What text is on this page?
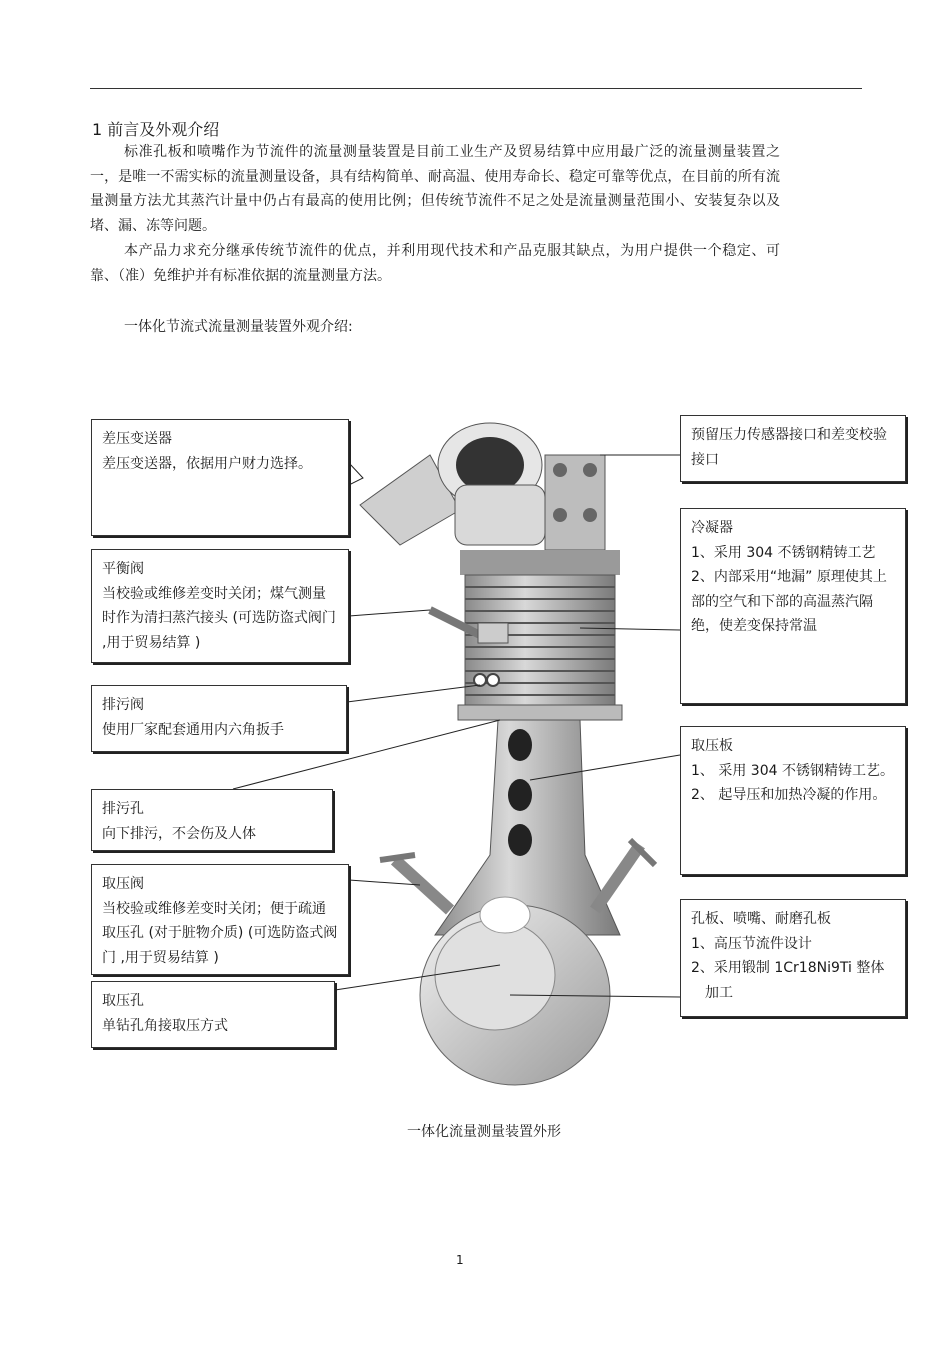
1 前言及外观介绍

标准孔板和喷嘴作为节流件的流量测量装置是目前工业生产及贸易结算中应用最广泛的流量测量装置之一，是唯一不需实标的流量测量设备，具有结构简单、耐高温、使用寿命长、稳定可靠等优点，在目前的所有流量测量方法尤其蒸汽计量中仍占有最高的使用比例；但传统节流件不足之处是流量测量范围小、安装复杂以及堵、漏、冻等问题。

本产品力求充分继承传统节流件的优点，并利用现代技术和产品克服其缺点，为用户提供一个稳定、可靠、（准）免维护并有标准依据的流量测量方法。

一体化节流式流量测量装置外观介绍:
差压变送器
差压变送器，依据用户财力选择。
平衡阀
当校验或维修差变时关闭；煤气测量时作为清扫蒸汽接头 (可选防盗式阀门 ,用于贸易结算 )
排污阀
使用厂家配套通用内六角扳手
排污孔
向下排污，不会伤及人体
取压阀
当校验或维修差变时关闭；便于疏通取压孔 (对于脏物介质) (可选防盗式阀门 ,用于贸易结算 )
取压孔
单钻孔角接取压方式
预留压力传感器接口和差变校验接口
冷凝器
1、采用 304 不锈钢精铸工艺
2、内部采用“地漏” 原理使其上部的空气和下部的高温蒸汽隔绝，使差变保持常温
取压板
1、 采用 304 不锈钢精铸工艺。
2、 起导压和加热冷凝的作用。
孔板、喷嘴、耐磨孔板
1、高压节流件设计
2、采用锻制 1Cr18Ni9Ti 整体加工
一体化流量测量装置外形
1
